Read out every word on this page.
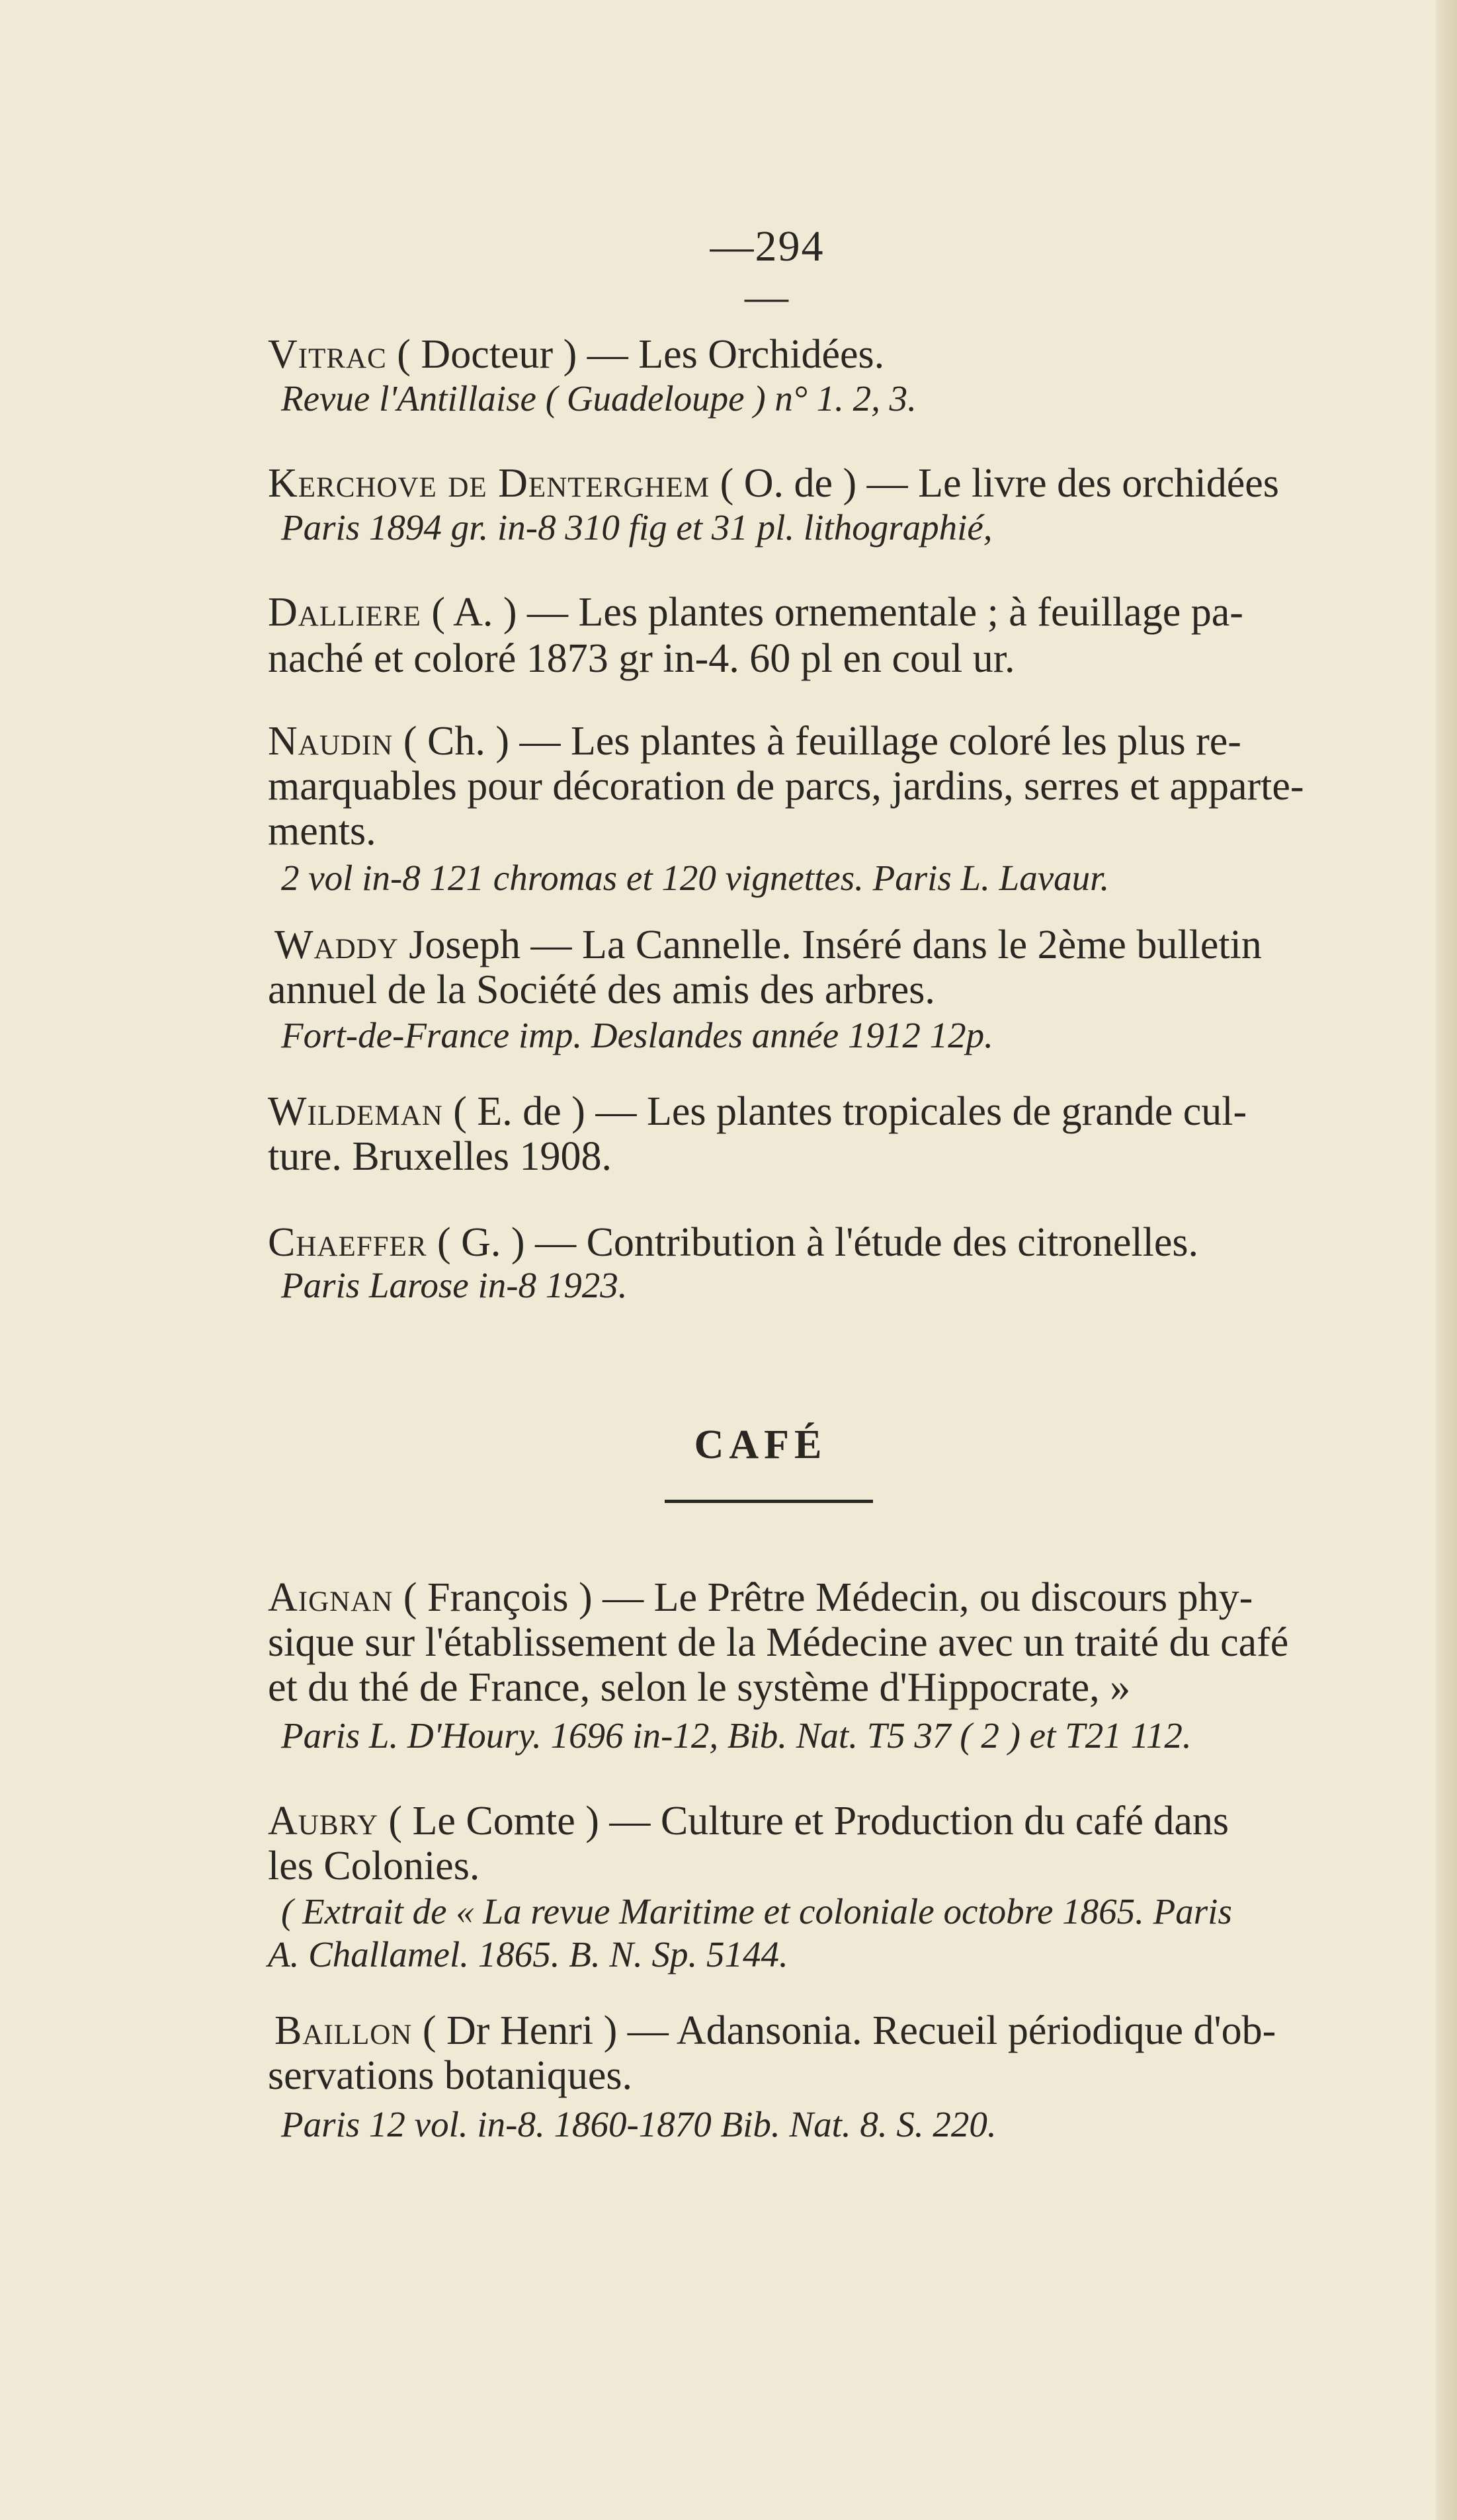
—294—
Vitrac ( Docteur ) — Les Orchidées.
Revue l'Antillaise ( Guadeloupe ) n° 1. 2, 3.
Kerchove de Denterghem ( O. de ) — Le livre des orchidées
Paris 1894 gr. in-8 310 fig et 31 pl. lithographié,
Dalliere ( A. ) — Les plantes ornementale ; à feuillage pa-
naché et coloré 1873 gr in-4. 60 pl en coul ur.
Naudin ( Ch. ) — Les plantes à feuillage coloré les plus re-
marquables pour décoration de parcs, jardins, serres et apparte-
ments.
2 vol in-8 121 chromas et 120 vignettes. Paris L. Lavaur.
Waddy Joseph — La Cannelle. Inséré dans le 2ème bulletin
annuel de la Société des amis des arbres.
Fort-de-France imp. Deslandes année 1912 12p.
Wildeman ( E. de ) — Les plantes tropicales de grande cul-
ture. Bruxelles 1908.
Chaeffer ( G. ) — Contribution à l'étude des citronelles.
Paris Larose in-8 1923.
CAFÉ
Aignan ( François ) — Le Prêtre Médecin, ou discours phy-
sique sur l'établissement de la Médecine avec un traité du café
et du thé de France, selon le système d'Hippocrate, »
Paris L. D'Houry. 1696 in-12, Bib. Nat. T5 37 ( 2 ) et T21 112.
Aubry ( Le Comte ) — Culture et Production du café dans
les Colonies.
( Extrait de « La revue Maritime et coloniale octobre 1865. Paris
A. Challamel. 1865. B. N. Sp. 5144.
Baillon ( Dr Henri ) — Adansonia. Recueil périodique d'ob-
servations botaniques.
Paris 12 vol. in-8. 1860-1870 Bib. Nat. 8. S. 220.
